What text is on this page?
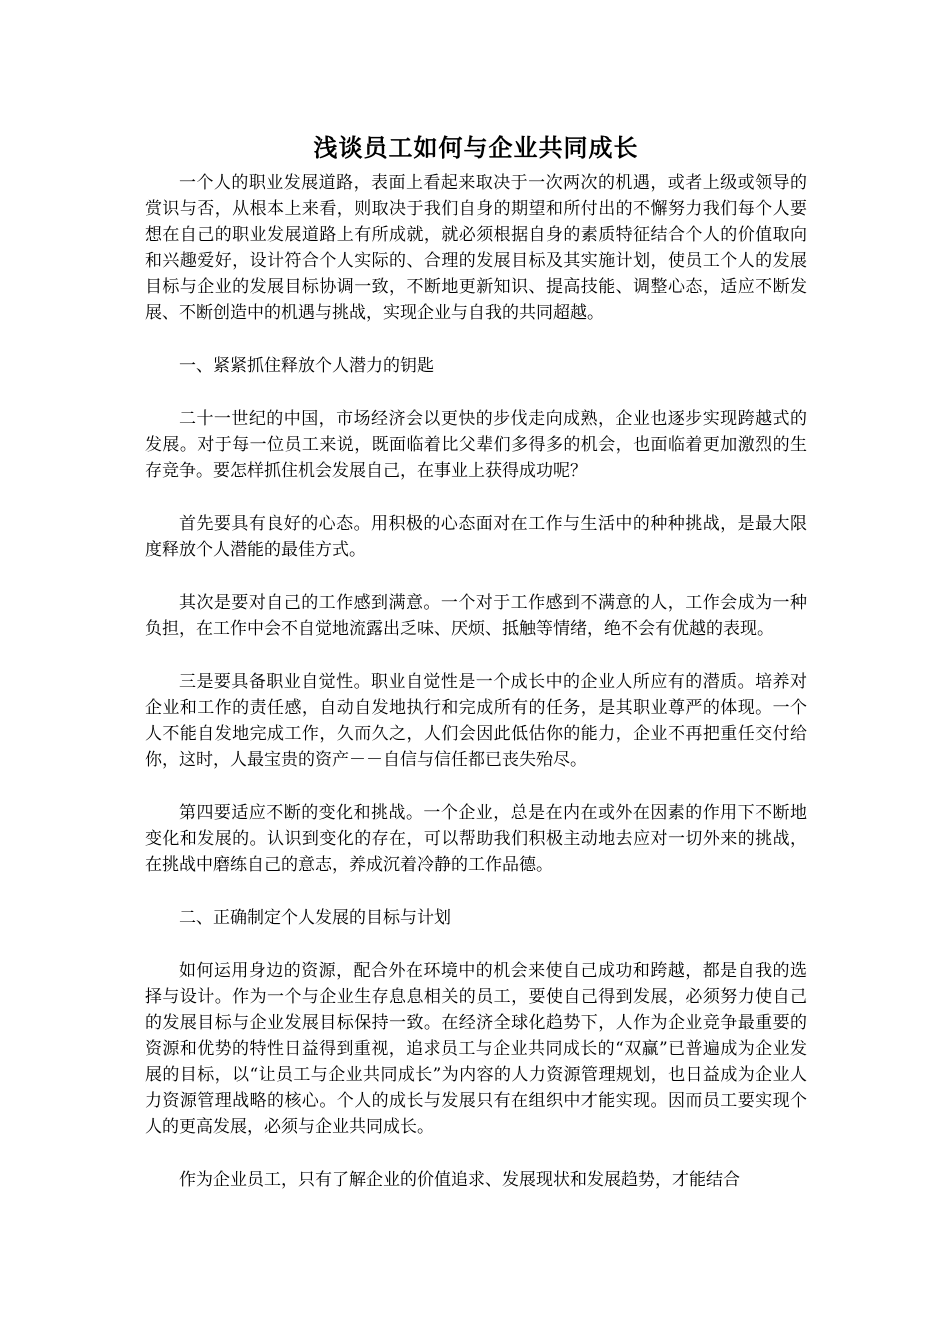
浅谈员工如何与企业共同成长

一个人的职业发展道路，表面上看起来取决于一次两次的机遇，或者上级或领导的赏识与否，从根本上来看，则取决于我们自身的期望和所付出的不懈努力我们每个人要想在自己的职业发展道路上有所成就，就必须根据自身的素质特征结合个人的价值取向和兴趣爱好，设计符合个人实际的、合理的发展目标及其实施计划，使员工个人的发展目标与企业的发展目标协调一致，不断地更新知识、提高技能、调整心态，适应不断发展、不断创造中的机遇与挑战，实现企业与自我的共同超越。

一、紧紧抓住释放个人潜力的钥匙

二十一世纪的中国，市场经济会以更快的步伐走向成熟，企业也逐步实现跨越式的发展。对于每一位员工来说，既面临着比父辈们多得多的机会，也面临着更加激烈的生存竞争。要怎样抓住机会发展自己，在事业上获得成功呢？

首先要具有良好的心态。用积极的心态面对在工作与生活中的种种挑战，是最大限度释放个人潜能的最佳方式。

其次是要对自己的工作感到满意。一个对于工作感到不满意的人，工作会成为一种负担，在工作中会不自觉地流露出乏味、厌烦、抵触等情绪，绝不会有优越的表现。

三是要具备职业自觉性。职业自觉性是一个成长中的企业人所应有的潜质。培养对企业和工作的责任感，自动自发地执行和完成所有的任务，是其职业尊严的体现。一个人不能自发地完成工作，久而久之，人们会因此低估你的能力，企业不再把重任交付给你，这时，人最宝贵的资产－－自信与信任都已丧失殆尽。

第四要适应不断的变化和挑战。一个企业，总是在内在或外在因素的作用下不断地变化和发展的。认识到变化的存在，可以帮助我们积极主动地去应对一切外来的挑战，在挑战中磨练自己的意志，养成沉着冷静的工作品德。

二、正确制定个人发展的目标与计划

如何运用身边的资源，配合外在环境中的机会来使自己成功和跨越，都是自我的选择与设计。作为一个与企业生存息息相关的员工，要使自己得到发展，必须努力使自己的发展目标与企业发展目标保持一致。在经济全球化趋势下，人作为企业竞争最重要的资源和优势的特性日益得到重视，追求员工与企业共同成长的“双赢”已普遍成为企业发展的目标，以“让员工与企业共同成长”为内容的人力资源管理规划，也日益成为企业人力资源管理战略的核心。个人的成长与发展只有在组织中才能实现。因而员工要实现个人的更高发展，必须与企业共同成长。

作为企业员工，只有了解企业的价值追求、发展现状和发展趋势，才能结合
